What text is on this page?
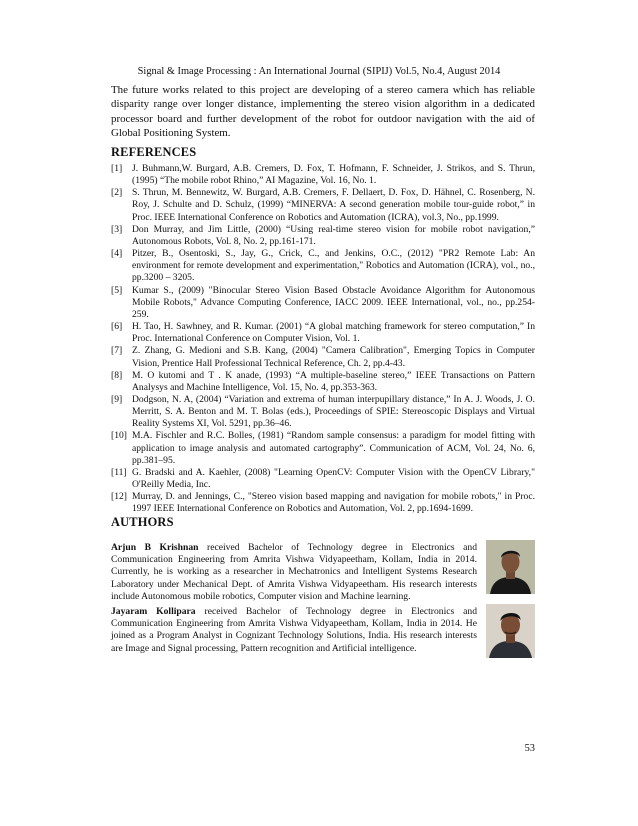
Signal & Image Processing : An International Journal (SIPIJ) Vol.5, No.4, August 2014

The future works related to this project are developing of a stereo camera which has reliable disparity range over longer distance, implementing the stereo vision algorithm in a dedicated processor board and further development of the robot for outdoor navigation with the aid of Global Positioning System.

REFERENCES
[1] J. Buhmann,W. Burgard, A.B. Cremers, D. Fox, T. Hofmann, F. Schneider, J. Strikos, and S. Thrun, (1995) “The mobile robot Rhino,” AI Magazine, Vol. 16, No. 1.
[2] S. Thrun, M. Bennewitz, W. Burgard, A.B. Cremers, F. Dellaert, D. Fox, D. Hähnel, C. Rosenberg, N. Roy, J. Schulte and D. Schulz, (1999) “MINERVA: A second generation mobile tour-guide robot,” in Proc. IEEE International Conference on Robotics and Automation (ICRA), vol.3, No., pp.1999.
[3] Don Murray, and Jim Little, (2000) “Using real-time stereo vision for mobile robot navigation,” Autonomous Robots, Vol. 8, No. 2, pp.161-171.
[4] Pitzer, B., Osentoski, S., Jay, G., Crick, C., and Jenkins, O.C., (2012) "PR2 Remote Lab: An environment for remote development and experimentation," Robotics and Automation (ICRA), vol., no., pp.3200 – 3205.
[5] Kumar S., (2009) "Binocular Stereo Vision Based Obstacle Avoidance Algorithm for Autonomous Mobile Robots," Advance Computing Conference, IACC 2009. IEEE International, vol., no., pp.254-259.
[6] H. Tao, H. Sawhney, and R. Kumar. (2001) “A global matching framework for stereo computation,” In Proc. International Conference on Computer Vision, Vol. 1.
[7] Z. Zhang, G. Medioni and S.B. Kang, (2004) "Camera Calibration", Emerging Topics in Computer Vision, Prentice Hall Professional Technical Reference, Ch. 2, pp.4-43.
[8] M. O kutomi and T . K anade, (1993) “A multiple-baseline stereo,” IEEE Transactions on Pattern Analysys and Machine Intelligence, Vol. 15, No. 4, pp.353-363.
[9] Dodgson, N. A, (2004) “Variation and extrema of human interpupillary distance,” In A. J. Woods, J. O. Merritt, S. A. Benton and M. T. Bolas (eds.), Proceedings of SPIE: Stereoscopic Displays and Virtual Reality Systems XI, Vol. 5291, pp.36–46.
[10] M.A. Fischler and R.C. Bolles, (1981) “Random sample consensus: a paradigm for model fitting with application to image analysis and automated cartography”. Communication of ACM, Vol. 24, No. 6, pp.381–95.
[11] G. Bradski and A. Kaehler, (2008) "Learning OpenCV: Computer Vision with the OpenCV Library," O'Reilly Media, Inc.
[12] Murray, D. and Jennings, C., "Stereo vision based mapping and navigation for mobile robots," in Proc. 1997 IEEE International Conference on Robotics and Automation, Vol. 2, pp.1694-1699.
AUTHORS

Arjun B Krishnan received Bachelor of Technology degree in Electronics and Communication Engineering from Amrita Vishwa Vidyapeetham, Kollam, India in 2014. Currently, he is working as a researcher in Mechatronics and Intelligent Systems Research Laboratory under Mechanical Dept. of Amrita Vishwa Vidyapeetham. His research interests include Autonomous mobile robotics, Computer vision and Machine learning.

Jayaram Kollipara received Bachelor of Technology degree in Electronics and Communication Engineering from Amrita Vishwa Vidyapeetham, Kollam, India in 2014. He joined as a Program Analyst in Cognizant Technology Solutions, India. His research interests are Image and Signal processing, Pattern recognition and Artificial intelligence.

53
